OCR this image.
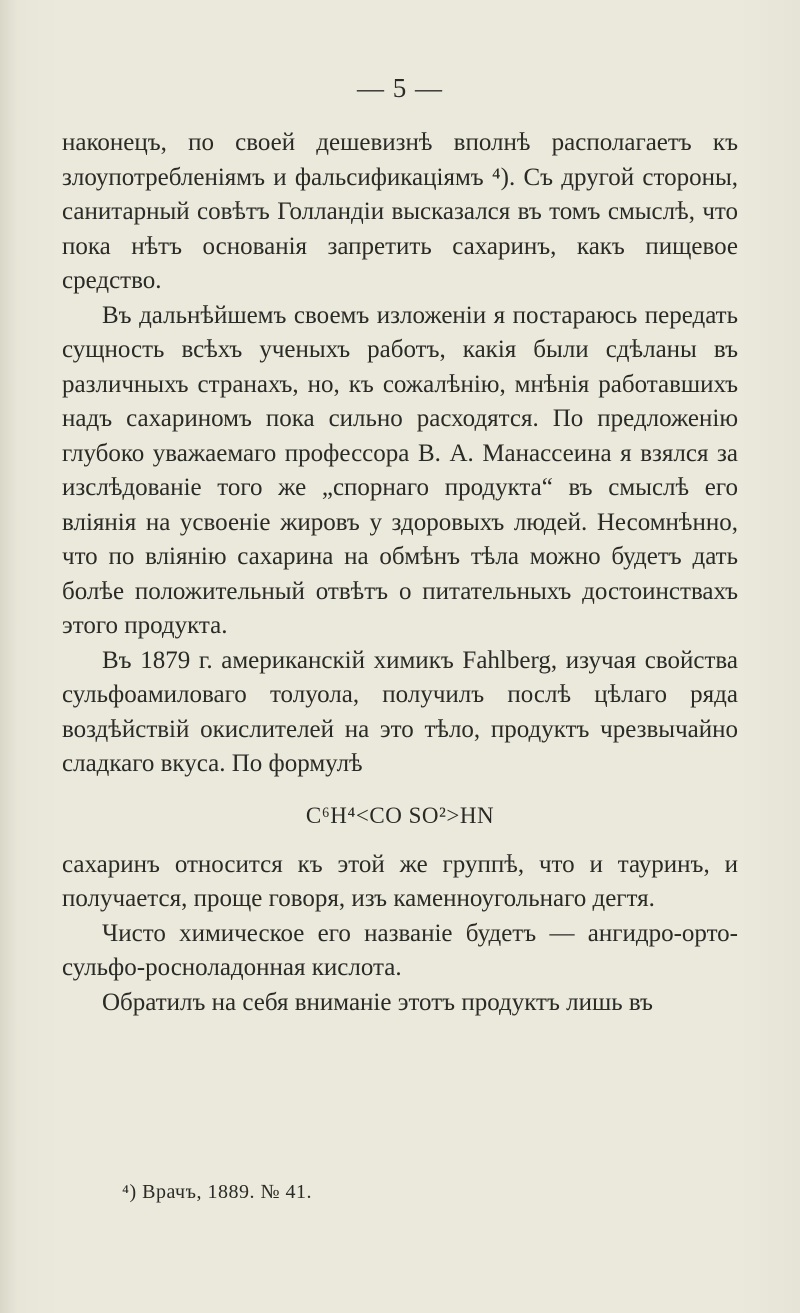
— 5 —

наконецъ, по своей дешевизнѣ вполнѣ располагаетъ къ злоупотребленіямъ и фальсификаціямъ ⁴). Съ другой стороны, санитарный совѣтъ Голландіи высказался въ томъ смыслѣ, что пока нѣтъ основанія запретить сахаринъ, какъ пищевое средство.

Въ дальнѣйшемъ своемъ изложеніи я постараюсь передать сущность всѣхъ ученыхъ работъ, какія были сдѣланы въ различныхъ странахъ, но, къ сожалѣнію, мнѣнія работавшихъ надъ сахариномъ пока сильно расходятся. По предложенію глубоко уважаемаго профессора В. А. Манассеина я взялся за изслѣдованіе того же „спорнаго продукта“ въ смыслѣ его вліянія на усвоеніе жировъ у здоровыхъ людей. Несомнѣнно, что по вліянію сахарина на обмѣнъ тѣла можно будетъ дать болѣе положительный отвѣтъ о питательныхъ достоинствахъ этого продукта.

Въ 1879 г. американскій химикъ Fahlberg, изучая свойства сульфоамиловаго толуола, получилъ послѣ цѣлаго ряда воздѣйствій окислителей на это тѣло, продуктъ чрезвычайно сладкаго вкуса. По формулѣ

C⁶H⁴<CO SO²>HN

сахаринъ относится къ этой же группѣ, что и тауринъ, и получается, проще говоря, изъ каменноугольнаго дегтя.

Чисто химическое его названіе будетъ — ангидро-орто-сульфо-росноладонная кислота.

Обратилъ на себя вниманіе этотъ продуктъ лишь въ

⁴) Врачъ, 1889. № 41.
